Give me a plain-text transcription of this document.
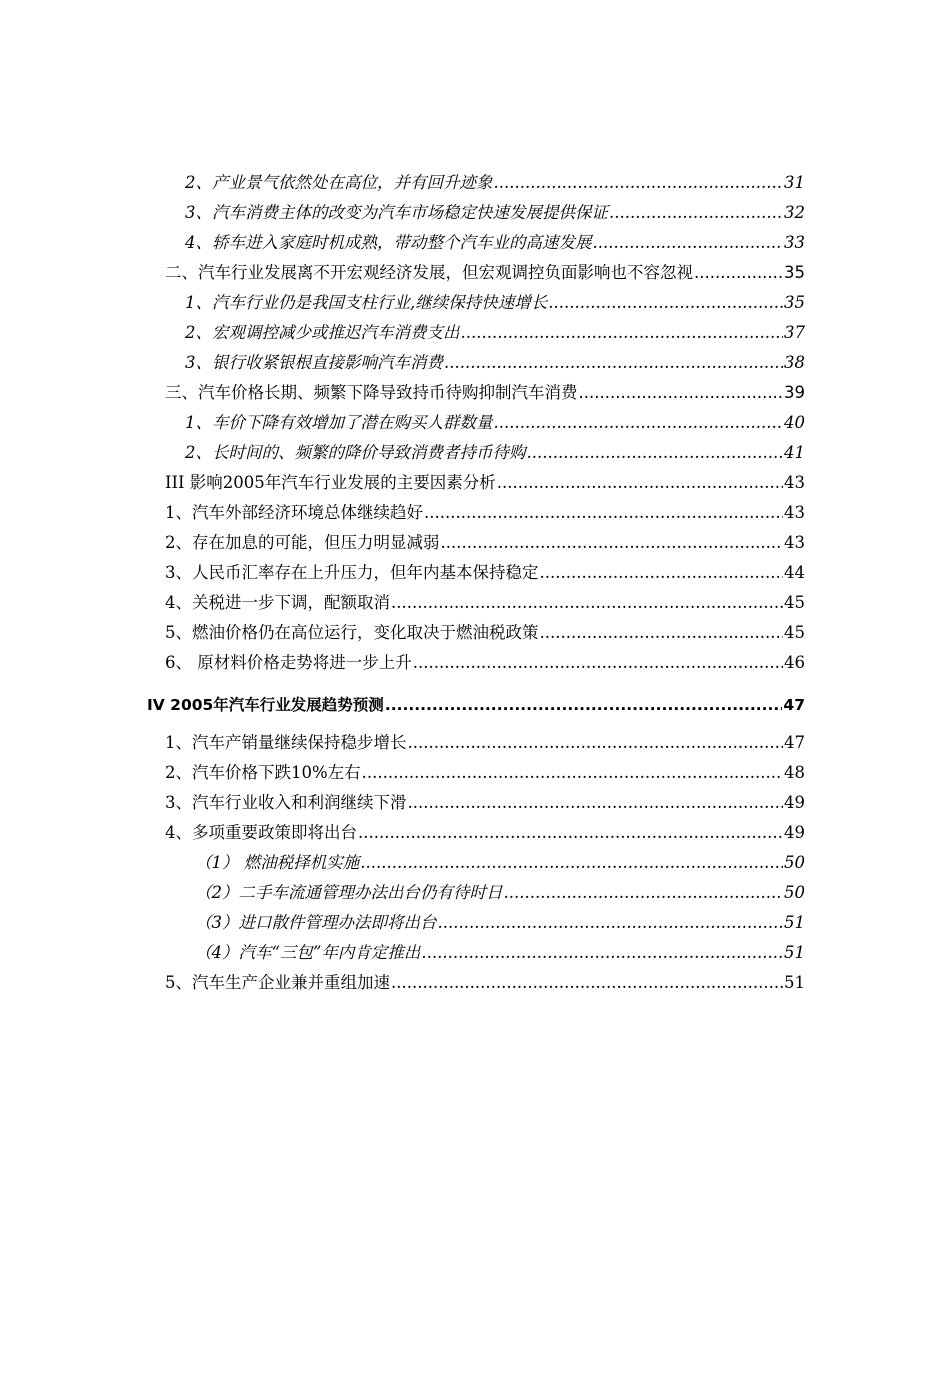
2、产业景气依然处在高位，并有回升迹象 .....	31
3、汽车消费主体的改变为汽车市场稳定快速发展提供保证 .....	32
4、轿车进入家庭时机成熟，带动整个汽车业的高速发展 .....	33
二、汽车行业发展离不开宏观经济发展，但宏观调控负面影响也不容忽视 .....	35
1、汽车行业仍是我国支柱行业,继续保持快速增长 .....	35
2、宏观调控减少或推迟汽车消费支出 .....	37
3、银行收紧银根直接影响汽车消费 .....	38
三、汽车价格长期、频繁下降导致持币待购抑制汽车消费 .....	39
1、车价下降有效增加了潜在购买人群数量 .....	40
2、长时间的、频繁的降价导致消费者持币待购 .....	41
III 影响2005年汽车行业发展的主要因素分析 .....	43
1、汽车外部经济环境总体继续趋好 .....	43
2、存在加息的可能，但压力明显减弱 .....	43
3、人民币汇率存在上升压力，但年内基本保持稳定 .....	44
4、关税进一步下调，配额取消 .....	45
5、燃油价格仍在高位运行，变化取决于燃油税政策 .....	45
6、 原材料价格走势将进一步上升 .....	46
IV 2005年汽车行业发展趋势预测 .....	47
1、汽车产销量继续保持稳步增长 .....	47
2、汽车价格下跌10%左右 .....	48
3、汽车行业收入和利润继续下滑 .....	49
4、多项重要政策即将出台 .....	49
（1） 燃油税择机实施 .....	50
（2）二手车流通管理办法出台仍有待时日 .....	50
（3）进口散件管理办法即将出台 .....	51
（4）汽车“三包”年内肯定推出 .....	51
5、汽车生产企业兼并重组加速 .....	51
